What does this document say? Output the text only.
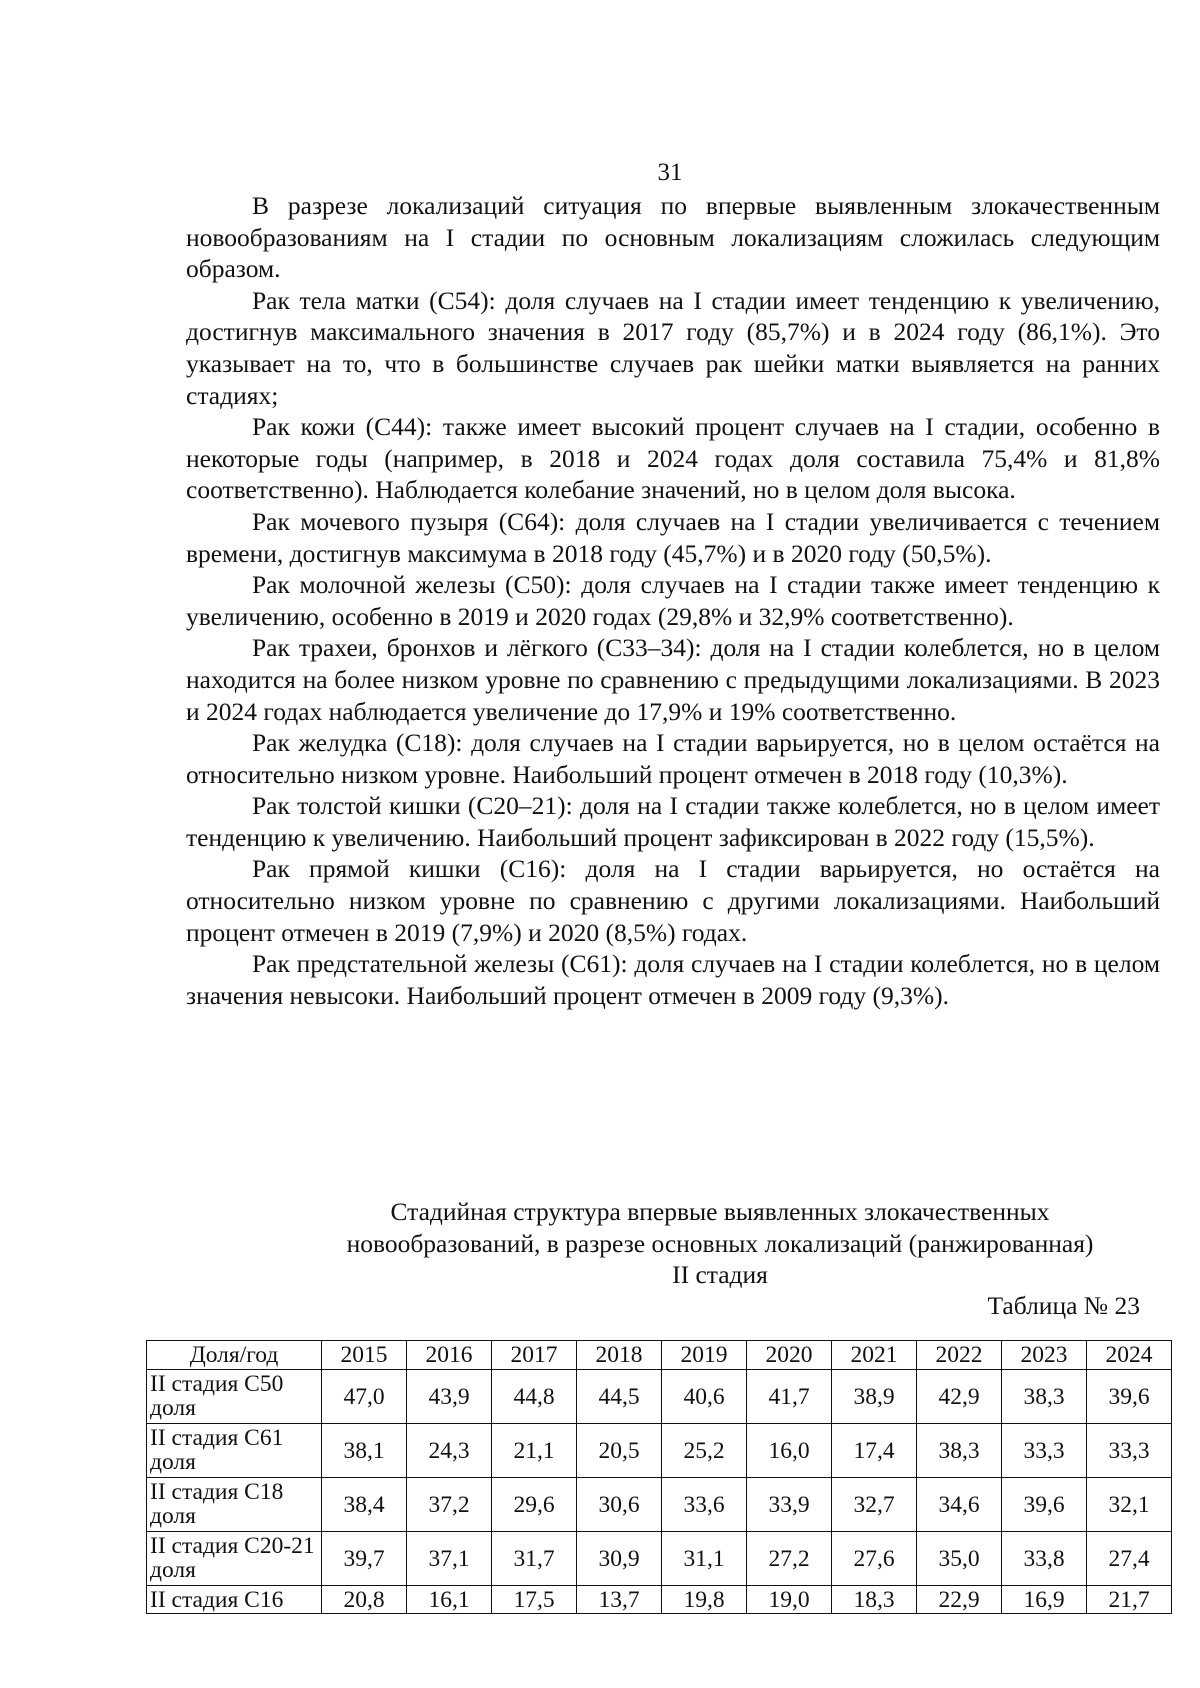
31

В разрезе локализаций ситуация по впервые выявленным злокачественным новообразованиям на I стадии по основным локализациям сложилась следующим образом.

Рак тела матки (С54): доля случаев на I стадии имеет тенденцию к увеличению, достигнув максимального значения в 2017 году (85,7%) и в 2024 году (86,1%). Это указывает на то, что в большинстве случаев рак шейки матки выявляется на ранних стадиях;

Рак кожи (С44): также имеет высокий процент случаев на I стадии, особенно в некоторые годы (например, в 2018 и 2024 годах доля составила 75,4% и 81,8% соответственно). Наблюдается колебание значений, но в целом доля высока.

Рак мочевого пузыря (С64): доля случаев на I стадии увеличивается с течением времени, достигнув максимума в 2018 году (45,7%) и в 2020 году (50,5%).

Рак молочной железы (С50): доля случаев на I стадии также имеет тенденцию к увеличению, особенно в 2019 и 2020 годах (29,8% и 32,9% соответственно).

Рак трахеи, бронхов и лёгкого (С33–34): доля на I стадии колеблется, но в целом находится на более низком уровне по сравнению с предыдущими локализациями. В 2023 и 2024 годах наблюдается увеличение до 17,9% и 19% соответственно.

Рак желудка (С18): доля случаев на I стадии варьируется, но в целом остаётся на относительно низком уровне. Наибольший процент отмечен в 2018 году (10,3%).

Рак толстой кишки (С20–21): доля на I стадии также колеблется, но в целом имеет тенденцию к увеличению. Наибольший процент зафиксирован в 2022 году (15,5%).

Рак прямой кишки (С16): доля на I стадии варьируется, но остаётся на относительно низком уровне по сравнению с другими локализациями. Наибольший процент отмечен в 2019 (7,9%) и 2020 (8,5%) годах.

Рак предстательной железы (С61): доля случаев на I стадии колеблется, но в целом значения невысоки. Наибольший процент отмечен в 2009 году (9,3%).

Стадийная структура впервые выявленных злокачественных
новообразований, в разрезе основных локализаций (ранжированная)
II стадия
Таблица № 23
Доля/год	2015	2016	2017	2018	2019	2020	2021	2022	2023	2024
II стадия С50 доля	47,0	43,9	44,8	44,5	40,6	41,7	38,9	42,9	38,3	39,6
II стадия С61 доля	38,1	24,3	21,1	20,5	25,2	16,0	17,4	38,3	33,3	33,3
II стадия С18 доля	38,4	37,2	29,6	30,6	33,6	33,9	32,7	34,6	39,6	32,1
II стадия С20-21 доля	39,7	37,1	31,7	30,9	31,1	27,2	27,6	35,0	33,8	27,4
II стадия С16	20,8	16,1	17,5	13,7	19,8	19,0	18,3	22,9	16,9	21,7
